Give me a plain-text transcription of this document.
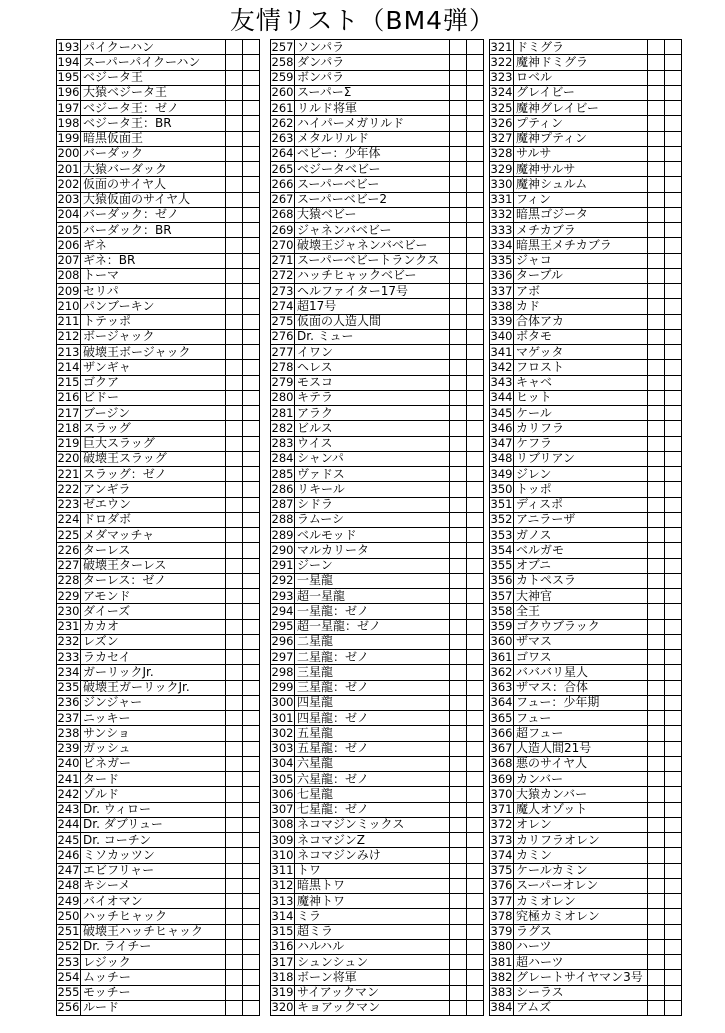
友情リスト（BM4弾）
193	パイクーハン		
194	スーパーパイクーハン		
195	ベジータ王		
196	大猿ベジータ王		
197	ベジータ王：ゼノ		
198	ベジータ王：BR		
199	暗黒仮面王		
200	バーダック		
201	大猿バーダック		
202	仮面のサイヤ人		
203	大猿仮面のサイヤ人		
204	バーダック：ゼノ		
205	バーダック：BR		
206	ギネ		
207	ギネ：BR		
208	トーマ		
209	セリパ		
210	パンブーキン		
211	トテッポ		
212	ボージャック		
213	破壊王ボージャック		
214	ザンギャ		
215	ゴクア		
216	ビドー		
217	ブージン		
218	スラッグ		
219	巨大スラッグ		
220	破壊王スラッグ		
221	スラッグ：ゼノ		
222	アンギラ		
223	ゼエウン		
224	ドロダボ		
225	メダマッチャ		
226	ターレス		
227	破壊王ターレス		
228	ターレス：ゼノ		
229	アモンド		
230	ダイーズ		
231	カカオ		
232	レズン		
233	ラカセイ		
234	ガーリックJr.		
235	破壊王ガーリックJr.		
236	ジンジャー		
237	ニッキー		
238	サンショ		
239	ガッシュ		
240	ビネガー		
241	タード		
242	ゾルド		
243	Dr. ウィロー		
244	Dr. ダブリュー		
245	Dr. コーチン		
246	ミソカッツン		
247	エビフリャー		
248	キシーメ		
249	バイオマン		
250	ハッチヒャック		
251	破壊王ハッチヒャック		
252	Dr. ライチー		
253	レジック		
254	ムッチー		
255	モッチー		
256	ルード		
257	ソンパラ		
258	ダンパラ		
259	ボンパラ		
260	スーパーΣ		
261	リルド将軍		
262	ハイパーメガリルド		
263	メタルリルド		
264	ベビー：少年体		
265	ベジータベビー		
266	スーパーベビー		
267	スーパーベビー2		
268	大猿ベビー		
269	ジャネンバベビー		
270	破壊王ジャネンバベビー		
271	スーパーベビートランクス		
272	ハッチヒャックベビー		
273	ヘルファイター17号		
274	超17号		
275	仮面の人造人間		
276	Dr. ミュー		
277	イワン		
278	ヘレス		
279	モスコ		
280	キテラ		
281	アラク		
282	ビルス		
283	ウイス		
284	シャンパ		
285	ヴァドス		
286	リキール		
287	シドラ		
288	ラムーシ		
289	ベルモッド		
290	マルカリータ		
291	ジーン		
292	一星龍		
293	超一星龍		
294	一星龍：ゼノ		
295	超一星龍：ゼノ		
296	二星龍		
297	二星龍：ゼノ		
298	三星龍		
299	三星龍：ゼノ		
300	四星龍		
301	四星龍：ゼノ		
302	五星龍		
303	五星龍：ゼノ		
304	六星龍		
305	六星龍：ゼノ		
306	七星龍		
307	七星龍：ゼノ		
308	ネコマジンミックス		
309	ネコマジンZ		
310	ネコマジンみけ		
311	トワ		
312	暗黒トワ		
313	魔神トワ		
314	ミラ		
315	超ミラ		
316	ハルハル		
317	シュンシュン		
318	ボーン将軍		
319	サイアックマン		
320	キョアックマン		
321	ドミグラ		
322	魔神ドミグラ		
323	ロベル		
324	グレイビー		
325	魔神グレイビー		
326	プティン		
327	魔神プティン		
328	サルサ		
329	魔神サルサ		
330	魔神シュルム		
331	フィン		
332	暗黒ゴジータ		
333	メチカブラ		
334	暗黒王メチカブラ		
335	ジャコ		
336	ターブル		
337	アボ		
338	カド		
339	合体アカ		
340	ボタモ		
341	マゲッタ		
342	フロスト		
343	キャベ		
344	ヒット		
345	ケール		
346	カリフラ		
347	ケフラ		
348	リブリアン		
349	ジレン		
350	トッポ		
351	ディスポ		
352	アニラーザ		
353	ガノス		
354	ベルガモ		
355	オブニ		
356	カトペスラ		
357	大神官		
358	全王		
359	ゴクウブラック		
360	ザマス		
361	ゴワス		
362	バババリ星人		
363	ザマス：合体		
364	フュー：少年期		
365	フュー		
366	超フュー		
367	人造人間21号		
368	悪のサイヤ人		
369	カンバー		
370	大猿カンバー		
371	魔人オゾット		
372	オレン		
373	カリフラオレン		
374	カミン		
375	ケールカミン		
376	スーパーオレン		
377	カミオレン		
378	究極カミオレン		
379	ラグス		
380	ハーツ		
381	超ハーツ		
382	グレートサイヤマン3号		
383	シーラス		
384	アムズ		
